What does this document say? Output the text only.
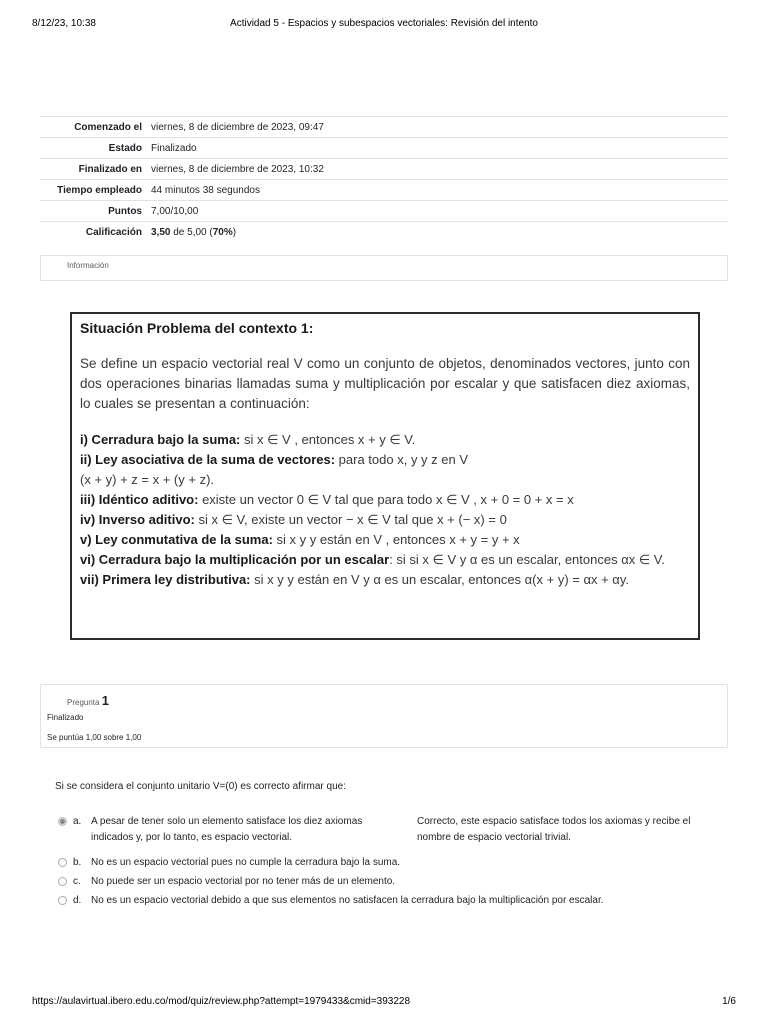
8/12/23, 10:38	Actividad 5 - Espacios y subespacios vectoriales: Revisión del intento
Comenzado el viernes, 8 de diciembre de 2023, 09:47
Estado Finalizado
Finalizado en viernes, 8 de diciembre de 2023, 10:32
Tiempo empleado 44 minutos 38 segundos
Puntos 7,00/10,00
Calificación 3,50 de 5,00 (70%)
Información
Situación Problema del contexto 1:
Se define un espacio vectorial real V como un conjunto de objetos, denominados vectores, junto con dos operaciones binarias llamadas suma y multiplicación por escalar y que satisfacen diez axiomas, lo cuales se presentan a continuación:
i) Cerradura bajo la suma: si x ∈ V , entonces x + y ∈ V.
ii) Ley asociativa de la suma de vectores: para todo x, y y z en V
(x + y) + z = x + (y + z).
iii) Idéntico aditivo: existe un vector 0 ∈ V tal que para todo x ∈ V , x + 0 = 0 + x = x
iv) Inverso aditivo: si x ∈ V, existe un vector − x ∈ V tal que x + (− x) = 0
v) Ley conmutativa de la suma: si x y y están en V , entonces x + y = y + x
vi) Cerradura bajo la multiplicación por un escalar: si si x ∈ V y α es un escalar, entonces αx ∈ V.
vii) Primera ley distributiva: si x y y están en V y α es un escalar, entonces α(x + y) = αx + αy.
Pregunta 1
Finalizado
Se puntúa 1,00 sobre 1,00
Si se considera el conjunto unitario V=(0) es correcto afirmar que:
a. A pesar de tener solo un elemento satisface los diez axiomas indicados y, por lo tanto, es espacio vectorial.
Correcto, este espacio satisface todos los axiomas y recibe el nombre de espacio vectorial trivial.
b. No es un espacio vectorial pues no cumple la cerradura bajo la suma.
c.	No puede ser un espacio vectorial por no tener más de un elemento.
d. No es un espacio vectorial debido a que sus elementos no satisfacen la cerradura bajo la multiplicación por escalar.
https://aulavirtual.ibero.edu.co/mod/quiz/review.php?attempt=1979433&cmid=393228	1/6
